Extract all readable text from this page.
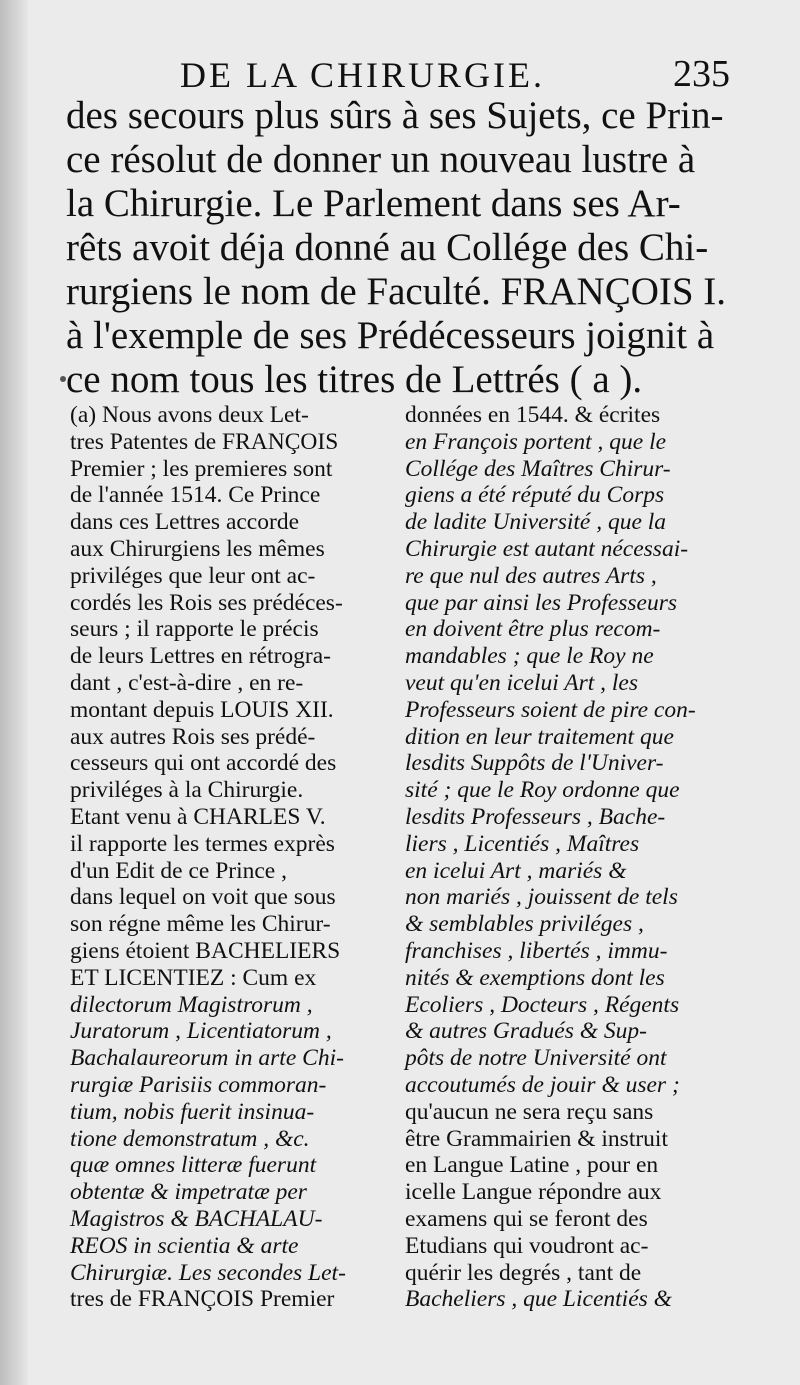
DE LA CHIRURGIE.	235
des secours plus sûrs à ses Sujets, ce Prin-
ce résolut de donner un nouveau lustre à
la Chirurgie. Le Parlement dans ses Ar-
rêts avoit déja donné au Collége des Chi-
rurgiens le nom de Faculté. FRANÇOIS I.
à l'exemple de ses Prédécesseurs joignit à
ce nom tous les titres de Lettrés ( a ).
(a) Nous avons deux Let-
tres Patentes de FRANÇOIS
Premier ; les premieres sont
de l'année 1514. Ce Prince
dans ces Lettres accorde
aux Chirurgiens les mêmes
priviléges que leur ont ac-
cordés les Rois ses prédéces-
seurs ; il rapporte le précis
de leurs Lettres en rétrogra-
dant , c'est-à-dire , en re-
montant depuis LOUIS XII.
aux autres Rois ses prédé-
cesseurs qui ont accordé des
priviléges à la Chirurgie.
Etant venu à CHARLES V.
il rapporte les termes exprès
d'un Edit de ce Prince ,
dans lequel on voit que sous
son régne même les Chirur-
giens étoient BACHELIERS
ET LICENTIEZ : Cum ex
dilectorum Magistrorum ,
Juratorum , Licentiatorum ,
Bachalaureorum in arte Chi-
rurgiæ Parisiis commoran-
tium, nobis fuerit insinua-
tione demonstratum , &c.
quæ omnes litteræ fuerunt
obtentæ & impetratæ per
Magistros & BACHALAU-
REOS in scientia & arte
Chirurgiæ. Les secondes Let-
tres de FRANÇOIS Premier
données en 1544. & écrites
en François portent , que le
Collége des Maîtres Chirur-
giens a été réputé du Corps
de ladite Université , que la
Chirurgie est autant nécessai-
re que nul des autres Arts ,
que par ainsi les Professeurs
en doivent être plus recom-
mandables ; que le Roy ne
veut qu'en icelui Art , les
Professeurs soient de pire con-
dition en leur traitement que
lesdits Suppôts de l'Univer-
sité ; que le Roy ordonne que
lesdits Professeurs , Bache-
liers , Licentiés , Maîtres
en icelui Art , mariés &
non mariés , jouissent de tels
& semblables priviléges ,
franchises , libertés , immu-
nités & exemptions dont les
Ecoliers , Docteurs , Régents
& autres Gradués & Sup-
pôts de notre Université ont
accoutumés de jouir & user ;
qu'aucun ne sera reçu sans
être Grammairien & instruit
en Langue Latine , pour en
icelle Langue répondre aux
examens qui se feront des
Etudians qui voudront ac-
quérir les degrés , tant de
Bacheliers , que Licentiés &
